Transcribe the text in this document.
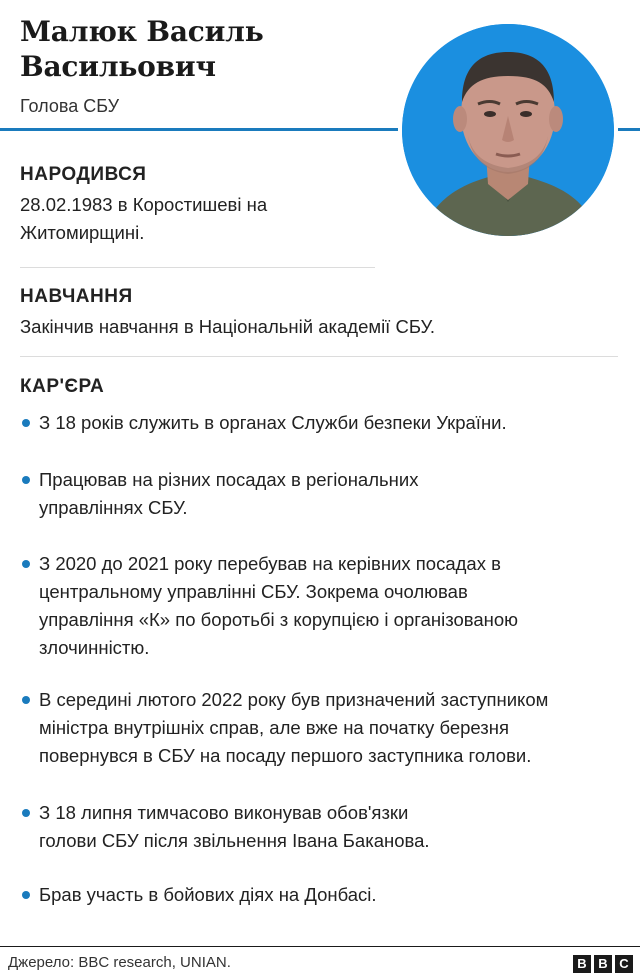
Малюк Василь
Васильович
Голова СБУ
НАРОДИВСЯ
28.02.1983 в Коростишеві на
Житомирщині.
НАВЧАННЯ
Закінчив навчання в Національній академії СБУ.
КАР'ЄРА
З 18 років служить в органах Служби безпеки України.
Працював на різних посадах в регіональних
управліннях СБУ.
З 2020 до 2021 року перебував на керівних посадах в
центральному управлінні СБУ. Зокрема очолював
управління «К» по боротьбі з корупцією і організованою
злочинністю.
В середині лютого 2022 року був призначений заступником
міністра внутрішніх справ, але вже на початку березня
повернувся в СБУ на посаду першого заступника голови.
З 18 липня тимчасово виконував обов'язки
голови СБУ після звільнення Івана Баканова.
Брав участь в бойових діях на Донбасі.
Джерело: BBC research, UNIAN.	B B C
